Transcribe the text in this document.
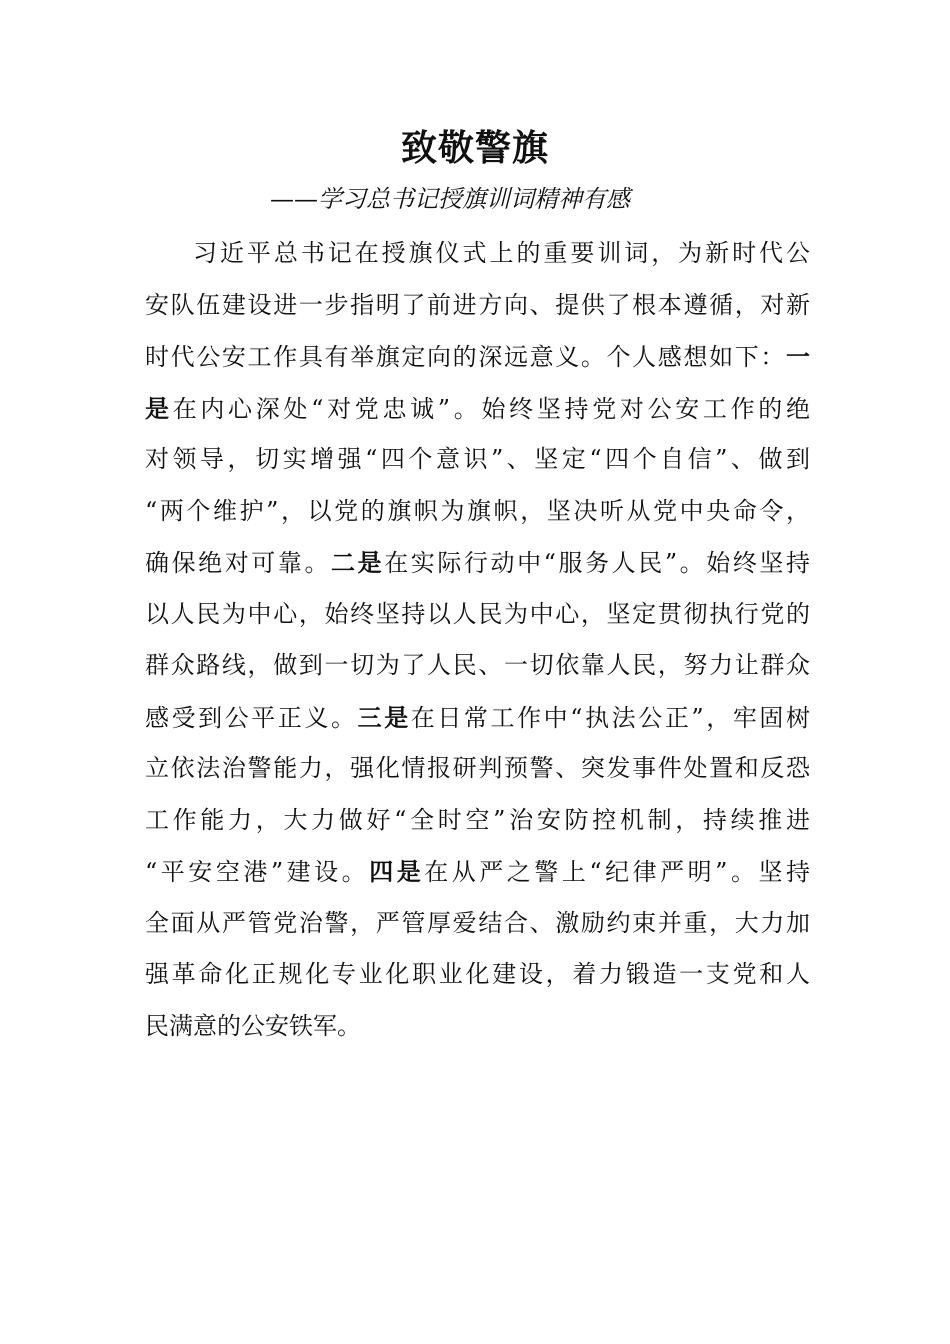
致敬警旗
——学习总书记授旗训词精神有感
习近平总书记在授旗仪式上的重要训词，为新时代公
安队伍建设进一步指明了前进方向、提供了根本遵循，对新
时代公安工作具有举旗定向的深远意义。个人感想如下：一
是在内心深处“对党忠诚”。始终坚持党对公安工作的绝
对领导，切实增强“四个意识”、坚定“四个自信”、做到
“两个维护”，以党的旗帜为旗帜，坚决听从党中央命令，
确保绝对可靠。二是在实际行动中“服务人民”。始终坚持
以人民为中心，始终坚持以人民为中心，坚定贯彻执行党的
群众路线，做到一切为了人民、一切依靠人民，努力让群众
感受到公平正义。三是在日常工作中“执法公正”，牢固树
立依法治警能力，强化情报研判预警、突发事件处置和反恐
工作能力，大力做好“全时空”治安防控机制，持续推进
“平安空港”建设。四是在从严之警上“纪律严明”。坚持
全面从严管党治警，严管厚爱结合、激励约束并重，大力加
强革命化正规化专业化职业化建设，着力锻造一支党和人
民满意的公安铁军。
